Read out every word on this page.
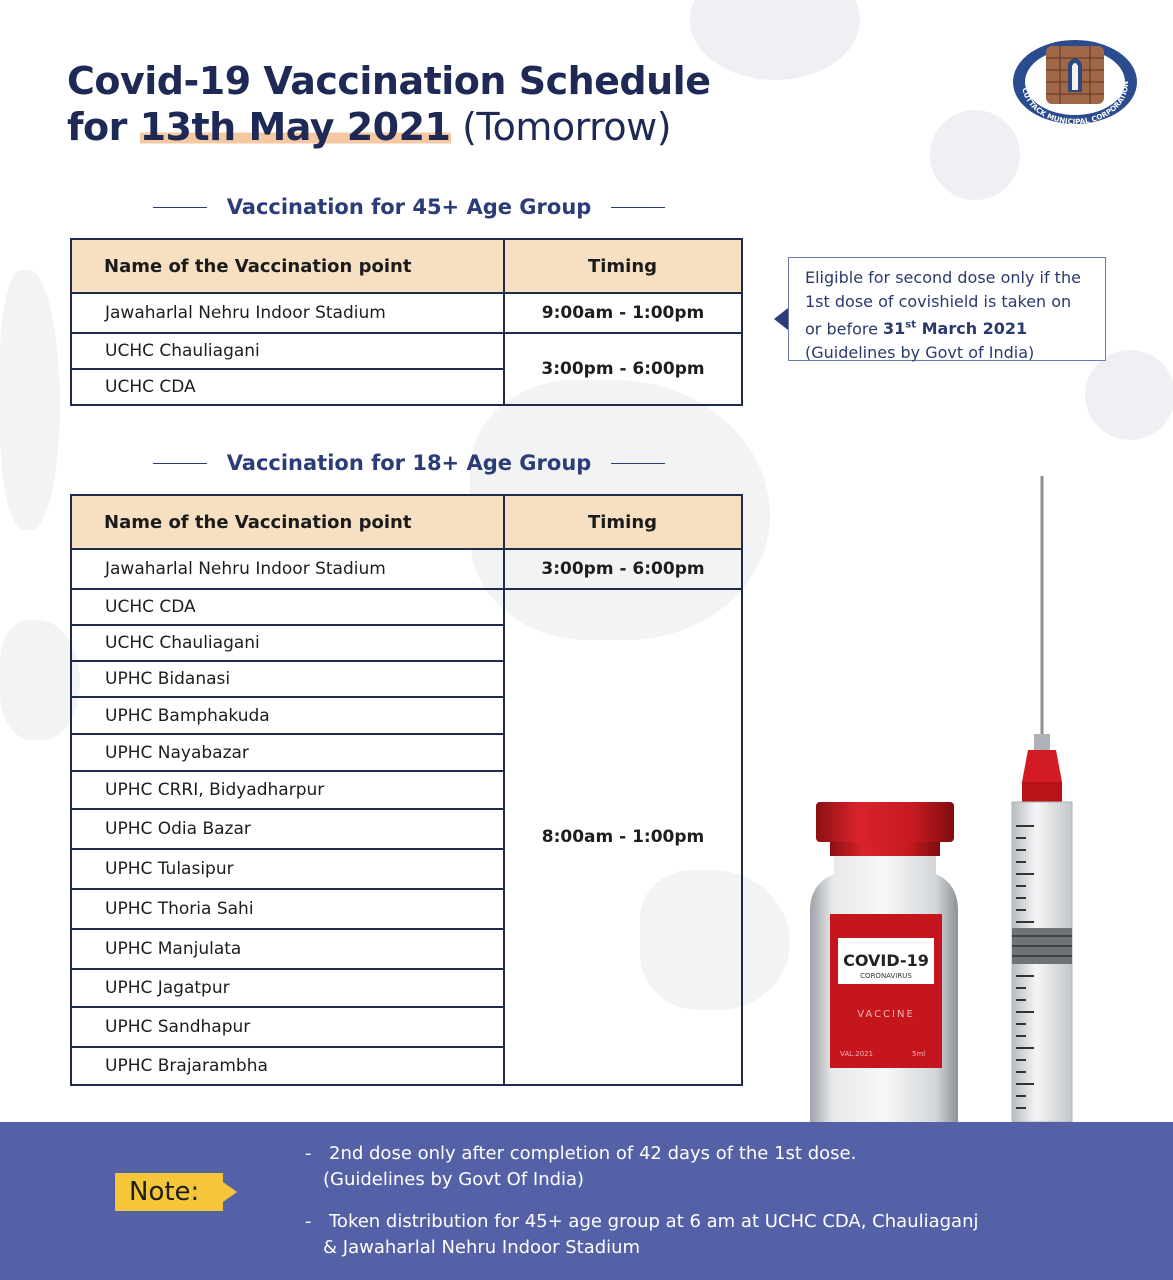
Covid-19 Vaccination Schedule
for 13th May 2021 (Tomorrow)
CUTTACK MUNICIPAL CORPORATION
Vaccination for 45+ Age Group
Name of the Vaccination point	Timing
Jawaharlal Nehru Indoor Stadium	9:00am - 1:00pm
UCHC Chauliagani	3:00pm - 6:00pm
UCHC CDA	
Eligible for second dose only if the
1st dose of covishield is taken on
or before 31st March 2021
(Guidelines by Govt of India)
Vaccination for 18+ Age Group
Name of the Vaccination point	Timing
Jawaharlal Nehru Indoor Stadium	3:00pm - 6:00pm
UCHC CDA	8:00am - 1:00pm
UCHC Chauliagani	
UPHC Bidanasi	
UPHC Bamphakuda	
UPHC Nayabazar	
UPHC CRRI, Bidyadharpur	
UPHC Odia Bazar	
UPHC Tulasipur	
UPHC Thoria Sahi	
UPHC Manjulata	
UPHC Jagatpur	
UPHC Sandhapur	
UPHC Brajarambha	
COVID-19
CORONAVIRUS
VACCINE
VAL.2021	5ml
Note:
- 2nd dose only after completion of 42 days of the 1st dose.
(Guidelines by Govt Of India)
- Token distribution for 45+ age group at 6 am at UCHC CDA, Chauliaganj
& Jawaharlal Nehru Indoor Stadium
